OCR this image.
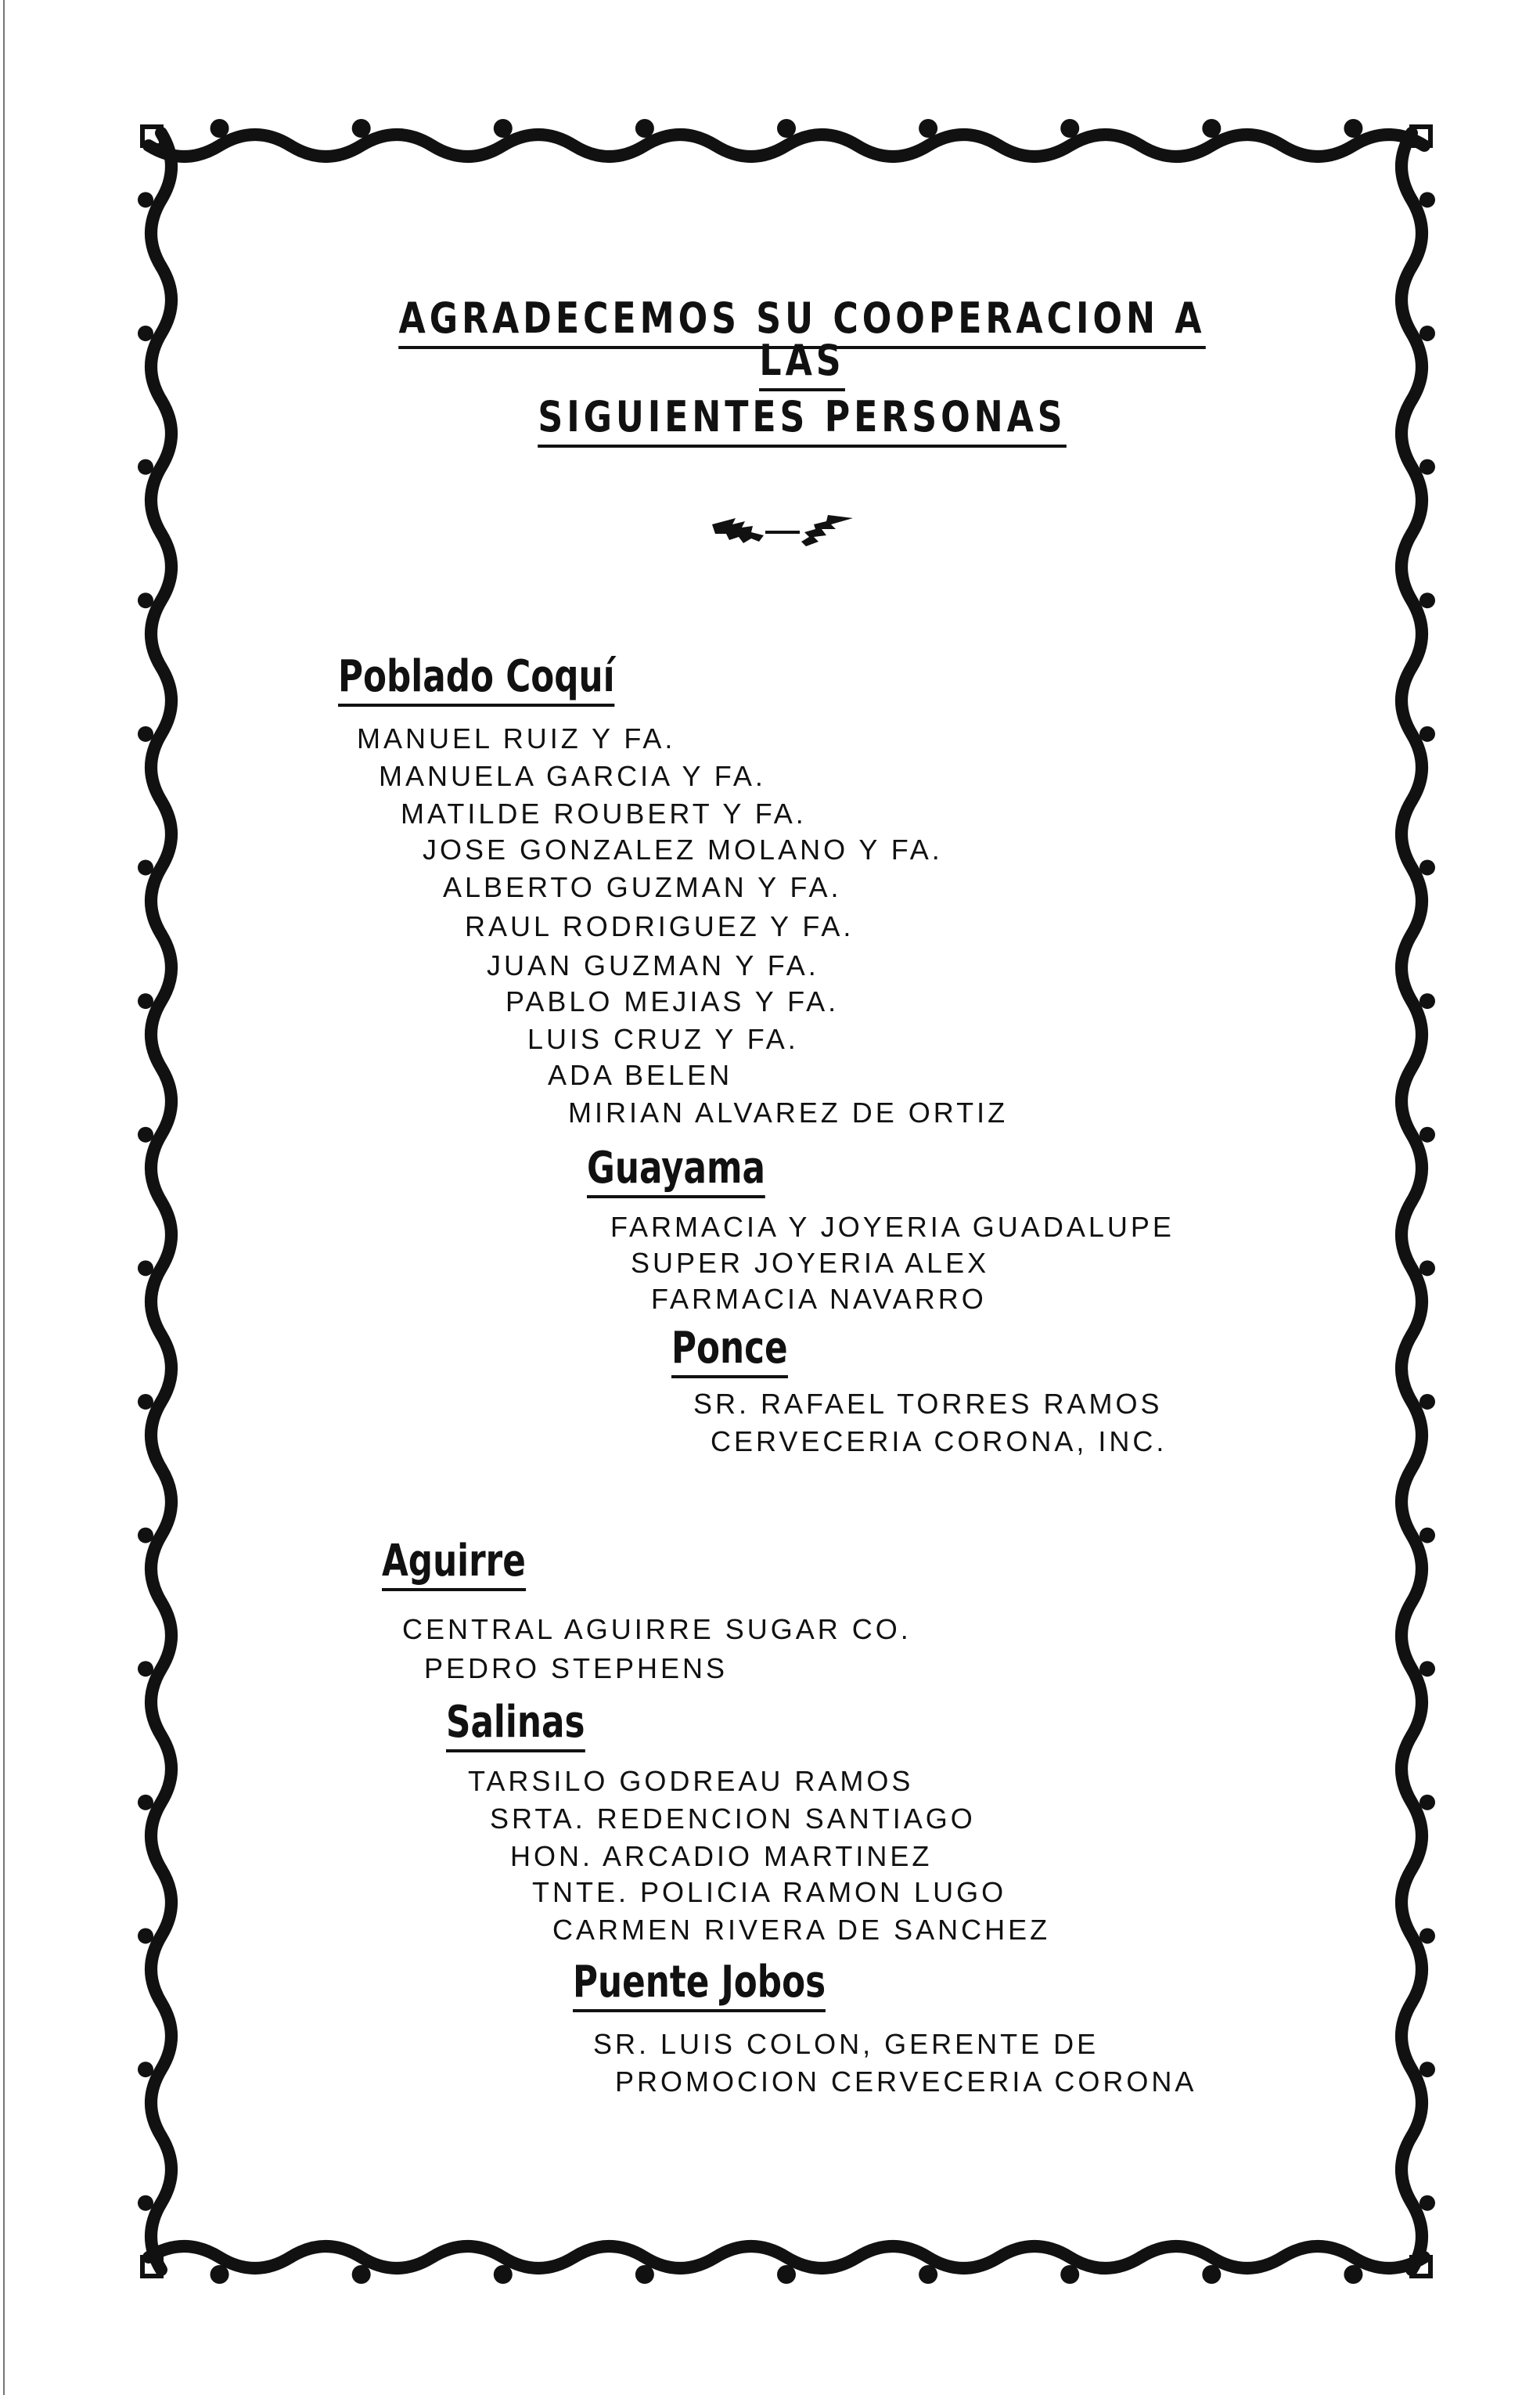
AGRADECEMOS SU COOPERACION A LAS
SIGUIENTES PERSONAS
Poblado Coquí

MANUEL RUIZ Y FA.

MANUELA GARCIA Y FA.

MATILDE ROUBERT Y FA.

JOSE GONZALEZ MOLANO Y FA.

ALBERTO GUZMAN Y FA.

RAUL RODRIGUEZ Y FA.

JUAN GUZMAN Y FA.

PABLO MEJIAS Y FA.

LUIS CRUZ Y FA.

ADA BELEN

MIRIAN ALVAREZ DE ORTIZ

Guayama

FARMACIA Y JOYERIA GUADALUPE

SUPER JOYERIA ALEX

FARMACIA NAVARRO

Ponce

SR. RAFAEL TORRES RAMOS

CERVECERIA CORONA, INC.

Aguirre

CENTRAL AGUIRRE SUGAR CO.

PEDRO STEPHENS

Salinas

TARSILO GODREAU RAMOS

SRTA. REDENCION SANTIAGO

HON. ARCADIO MARTINEZ

TNTE. POLICIA RAMON LUGO

CARMEN RIVERA DE SANCHEZ

Puente Jobos

SR. LUIS COLON, GERENTE DE

PROMOCION CERVECERIA CORONA
